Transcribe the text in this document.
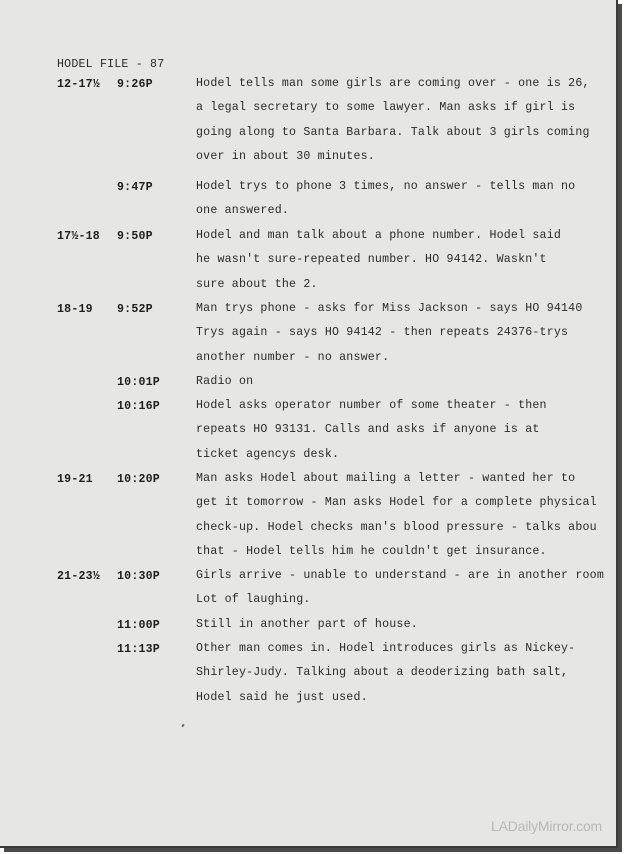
HODEL FILE - 87
12-17½ 9:26P	Hodel tells man some girls are coming over - one is 26,
a legal secretary to some lawyer. Man asks if girl is
going along to Santa Barbara. Talk about 3 girls coming
over in about 30 minutes.
9:47P	Hodel trys to phone 3 times, no answer - tells man no
one answered.
17½-18 9:50P	Hodel and man talk about a phone number. Hodel said
he wasn't sure-repeated number. HO 94142. Waskn't
sure about the 2.
18-19 9:52P	Man trys phone - asks for Miss Jackson - says HO 94140
Trys again - says HO 94142 - then repeats 24376-trys
another number - no answer.
10:01P	Radio on
10:16P	Hodel asks operator number of some theater - then
repeats HO 93131. Calls and asks if anyone is at
ticket agencys desk.
19-21 10:20P	Man asks Hodel about mailing a letter - wanted her to
get it tomorrow - Man asks Hodel for a complete physical
check-up. Hodel checks man's blood pressure - talks abou
that - Hodel tells him he couldn't get insurance.
21-23½ 10:30P	Girls arrive - unable to understand - are in another room
Lot of laughing.
11:00P	Still in another part of house.
11:13P	Other man comes in. Hodel introduces girls as Nickey-
Shirley-Judy. Talking about a deoderizing bath salt,
Hodel said he just used.
LADailyMirror.com
